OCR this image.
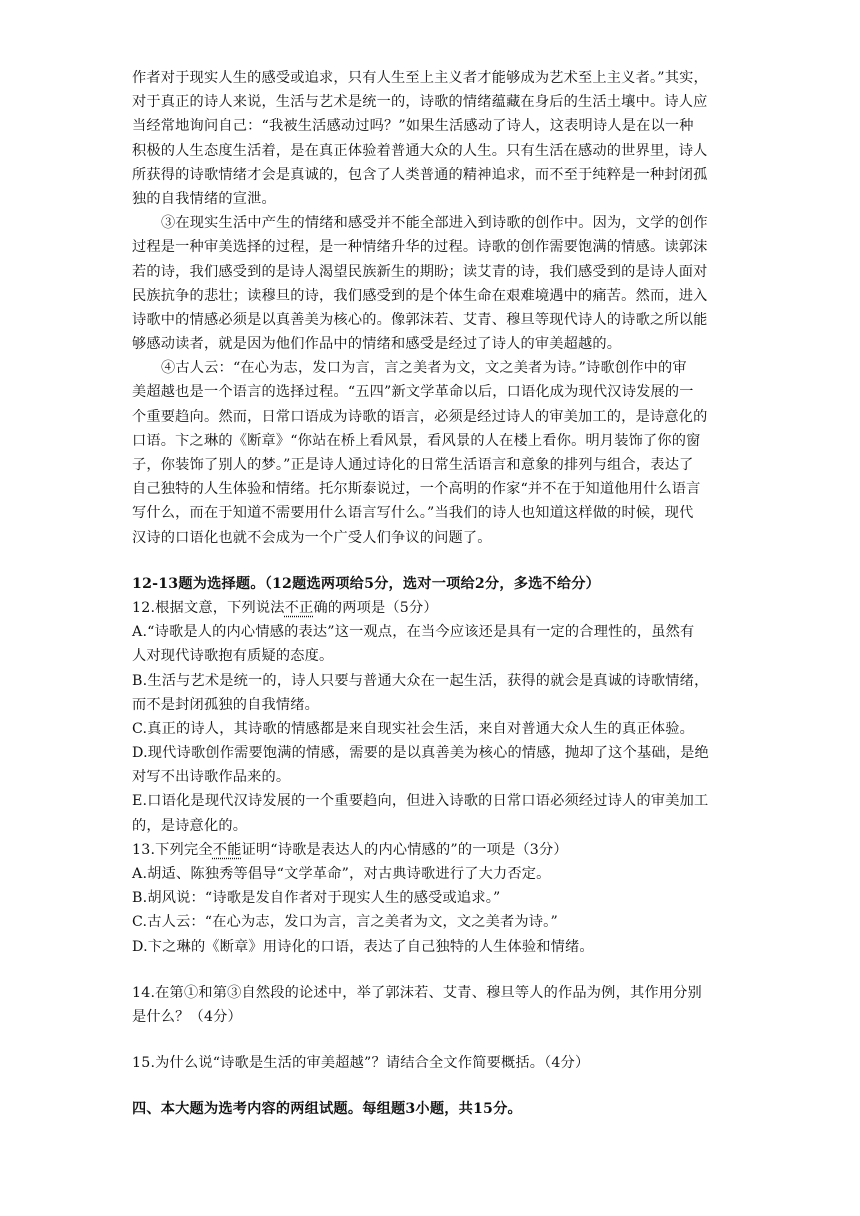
作者对于现实人生的感受或追求，只有人生至上主义者才能够成为艺术至上主义者。”其实，
对于真正的诗人来说，生活与艺术是统一的，诗歌的情绪蕴藏在身后的生活土壤中。诗人应
当经常地询问自己：“我被生活感动过吗？”如果生活感动了诗人，这表明诗人是在以一种
积极的人生态度生活着，是在真正体验着普通大众的人生。只有生活在感动的世界里，诗人
所获得的诗歌情绪才会是真诚的，包含了人类普通的精神追求，而不至于纯粹是一种封闭孤
独的自我情绪的宣泄。
③在现实生活中产生的情绪和感受并不能全部进入到诗歌的创作中。因为，文学的创作
过程是一种审美选择的过程，是一种情绪升华的过程。诗歌的创作需要饱满的情感。读郭沫
若的诗，我们感受到的是诗人渴望民族新生的期盼；读艾青的诗，我们感受到的是诗人面对
民族抗争的悲壮；读穆旦的诗，我们感受到的是个体生命在艰难境遇中的痛苦。然而，进入
诗歌中的情感必须是以真善美为核心的。像郭沫若、艾青、穆旦等现代诗人的诗歌之所以能
够感动读者，就是因为他们作品中的情绪和感受是经过了诗人的审美超越的。
④古人云：“在心为志，发口为言，言之美者为文，文之美者为诗。”诗歌创作中的审
美超越也是一个语言的选择过程。“五四”新文学革命以后，口语化成为现代汉诗发展的一
个重要趋向。然而，日常口语成为诗歌的语言，必须是经过诗人的审美加工的，是诗意化的
口语。卞之琳的《断章》“你站在桥上看风景，看风景的人在楼上看你。明月装饰了你的窗
子，你装饰了别人的梦。”正是诗人通过诗化的日常生活语言和意象的排列与组合，表达了
自己独特的人生体验和情绪。托尔斯泰说过，一个高明的作家“并不在于知道他用什么语言
写什么，而在于知道不需要用什么语言写什么。”当我们的诗人也知道这样做的时候，现代
汉诗的口语化也就不会成为一个广受人们争议的问题了。
12-13题为选择题。（12题选两项给5分，选对一项给2分，多选不给分）
12.根据文意，下列说法不正确的两项是（5分）
A.“诗歌是人的内心情感的表达”这一观点，在当今应该还是具有一定的合理性的，虽然有
人对现代诗歌抱有质疑的态度。
B.生活与艺术是统一的，诗人只要与普通大众在一起生活，获得的就会是真诚的诗歌情绪，
而不是封闭孤独的自我情绪。
C.真正的诗人，其诗歌的情感都是来自现实社会生活，来自对普通大众人生的真正体验。
D.现代诗歌创作需要饱满的情感，需要的是以真善美为核心的情感，抛却了这个基础，是绝
对写不出诗歌作品来的。
E.口语化是现代汉诗发展的一个重要趋向，但进入诗歌的日常口语必须经过诗人的审美加工
的，是诗意化的。
13.下列完全不能证明“诗歌是表达人的内心情感的”的一项是（3分）
A.胡适、陈独秀等倡导“文学革命”，对古典诗歌进行了大力否定。
B.胡风说：“诗歌是发自作者对于现实人生的感受或追求。”
C.古人云：“在心为志，发口为言，言之美者为文，文之美者为诗。”
D.卞之琳的《断章》用诗化的口语，表达了自己独特的人生体验和情绪。
14.在第①和第③自然段的论述中，举了郭沫若、艾青、穆旦等人的作品为例，其作用分别
是什么？（4分）
15.为什么说“诗歌是生活的审美超越”？请结合全文作简要概括。（4分）
四、本大题为选考内容的两组试题。每组题3小题，共15分。
